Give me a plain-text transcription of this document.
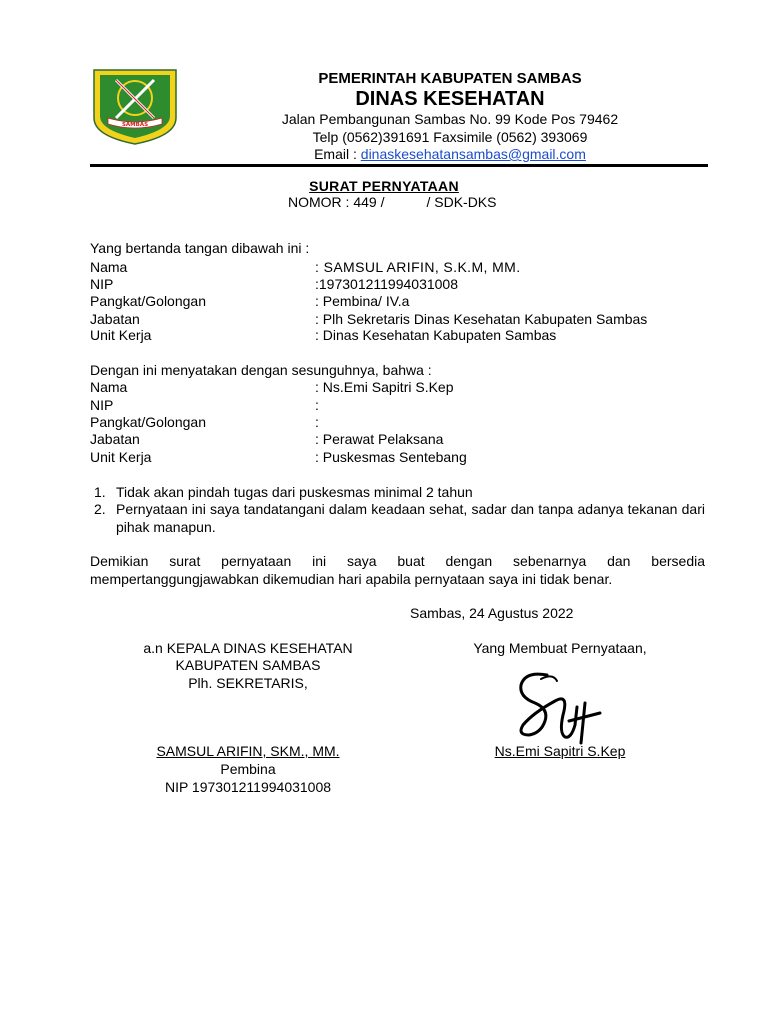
SAMBAS
PEMERINTAH KABUPATEN SAMBAS
DINAS KESEHATAN
Jalan Pembangunan Sambas No. 99 Kode Pos 79462
Telp (0562)391691 Faxsimile (0562) 393069
Email : dinaskesehatansambas@gmail.com
SURAT PERNYATAAN
NOMOR : 449 /	/ SDK-DKS
Yang bertanda tangan dibawah ini :
Nama	: SAMSUL ARIFIN, S.K.M, MM.
NIP	:197301211994031008
Pangkat/Golongan	: Pembina/ IV.a
Jabatan	: Plh Sekretaris Dinas Kesehatan Kabupaten Sambas
Unit Kerja	: Dinas Kesehatan Kabupaten Sambas
Dengan ini menyatakan dengan sesunguhnya, bahwa :
Nama	: Ns.Emi Sapitri S.Kep
NIP	:
Pangkat/Golongan	:
Jabatan	: Perawat Pelaksana
Unit Kerja	: Puskesmas Sentebang
1. Tidak akan pindah tugas dari puskesmas minimal 2 tahun
2. Pernyataan ini saya tandatangani dalam keadaan sehat, sadar dan tanpa adanya tekanan dari pihak manapun.
Demikian surat pernyataan ini saya buat dengan sebenarnya dan bersedia mempertanggungjawabkan dikemudian hari apabila pernyataan saya ini tidak benar.
Sambas, 24 Agustus 2022
a.n KEPALA DINAS KESEHATAN
KABUPATEN SAMBAS
Plh. SEKRETARIS,
SAMSUL ARIFIN, SKM., MM.
Pembina
NIP 197301211994031008
Yang Membuat Pernyataan,
Ns.Emi Sapitri S.Kep
